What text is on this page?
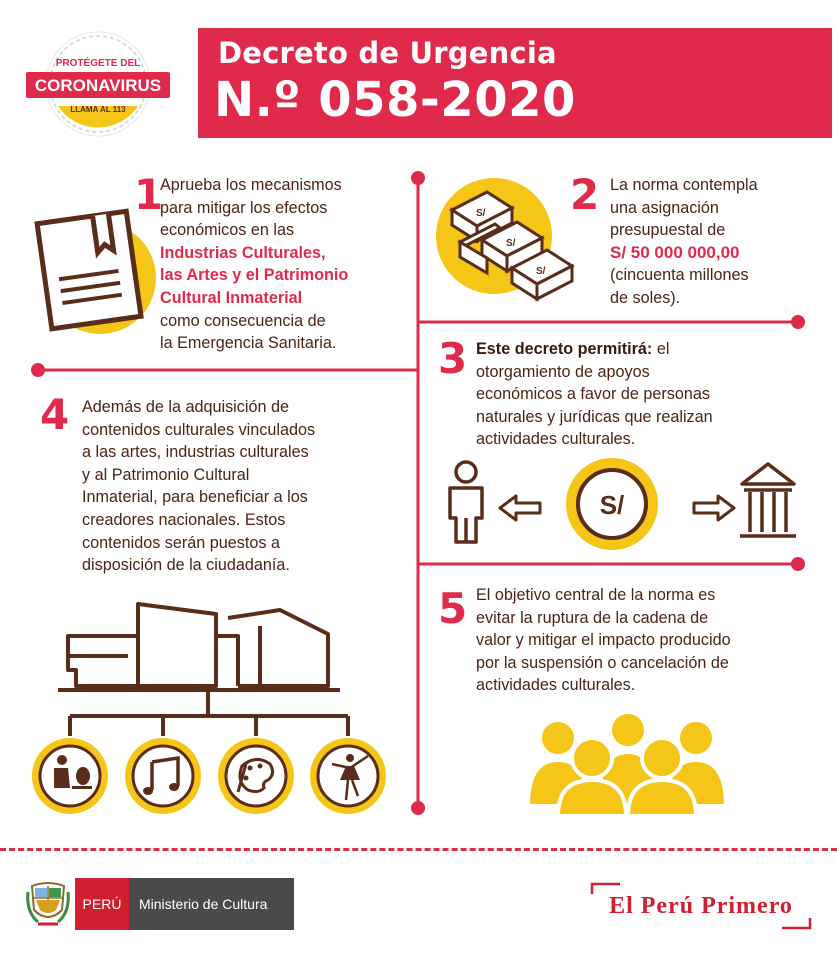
PROTÉGETE DEL
CORONAVIRUS
LLAMA AL 113
Decreto de Urgencia
N.º 058-2020
1
Aprueba los mecanismos
para mitigar los efectos
económicos en las
Industrias Culturales,
las Artes y el Patrimonio
Cultural Inmaterial
como consecuencia de
la Emergencia Sanitaria.
S/
S/
S/
2 La norma contempla
una asignación
presupuestal de
S/ 50 000 000,00
(cincuenta millones
de soles).
3 Este decreto permitirá: el
otorgamiento de apoyos
económicos a favor de personas
naturales y jurídicas que realizan
actividades culturales.
S/
4 Además de la adquisición de
contenidos culturales vinculados
a las artes, industrias culturales
y al Patrimonio Cultural
Inmaterial, para beneficiar a los
creadores nacionales. Estos
contenidos serán puestos a
disposición de la ciudadanía.
5 El objetivo central de la norma es
evitar la ruptura de la cadena de
valor y mitigar el impacto producido
por la suspensión o cancelación de
actividades culturales.
PERÚ	Ministerio de Cultura	El Perú Primero
